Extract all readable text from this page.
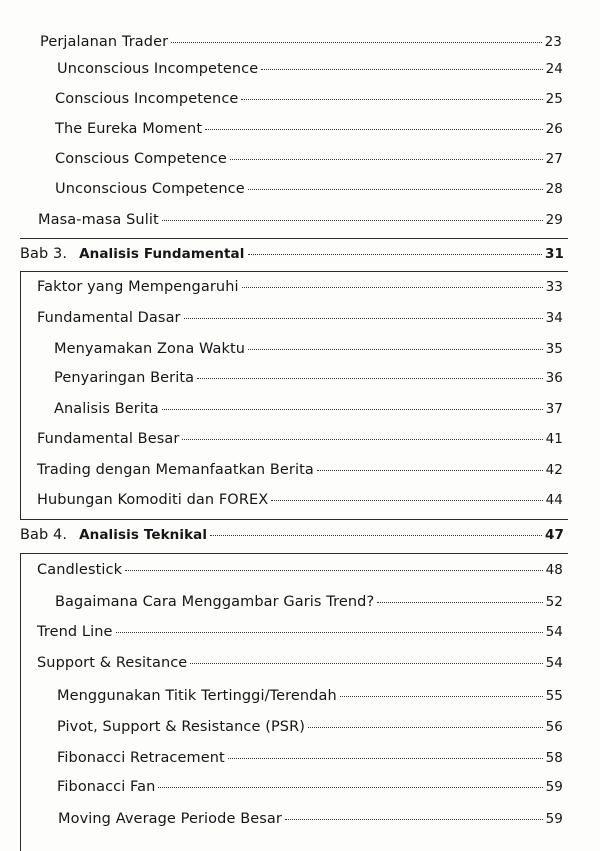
Perjalanan Trader	23
Unconscious Incompetence	24
Conscious Incompetence	25
The Eureka Moment	26
Conscious Competence	27
Unconscious Competence	28
Masa-masa Sulit	29
Bab 3. Analisis Fundamental	31
Faktor yang Mempengaruhi	33
Fundamental Dasar	34
Menyamakan Zona Waktu	35
Penyaringan Berita	36
Analisis Berita	37
Fundamental Besar	41
Trading dengan Memanfaatkan Berita	42
Hubungan Komoditi dan FOREX	44
Bab 4. Analisis Teknikal	47
Candlestick	48
Bagaimana Cara Menggambar Garis Trend?	52
Trend Line	54
Support & Resitance	54
Menggunakan Titik Tertinggi/Terendah	55
Pivot, Support & Resistance (PSR)	56
Fibonacci Retracement	58
Fibonacci Fan	59
Moving Average Periode Besar	59
